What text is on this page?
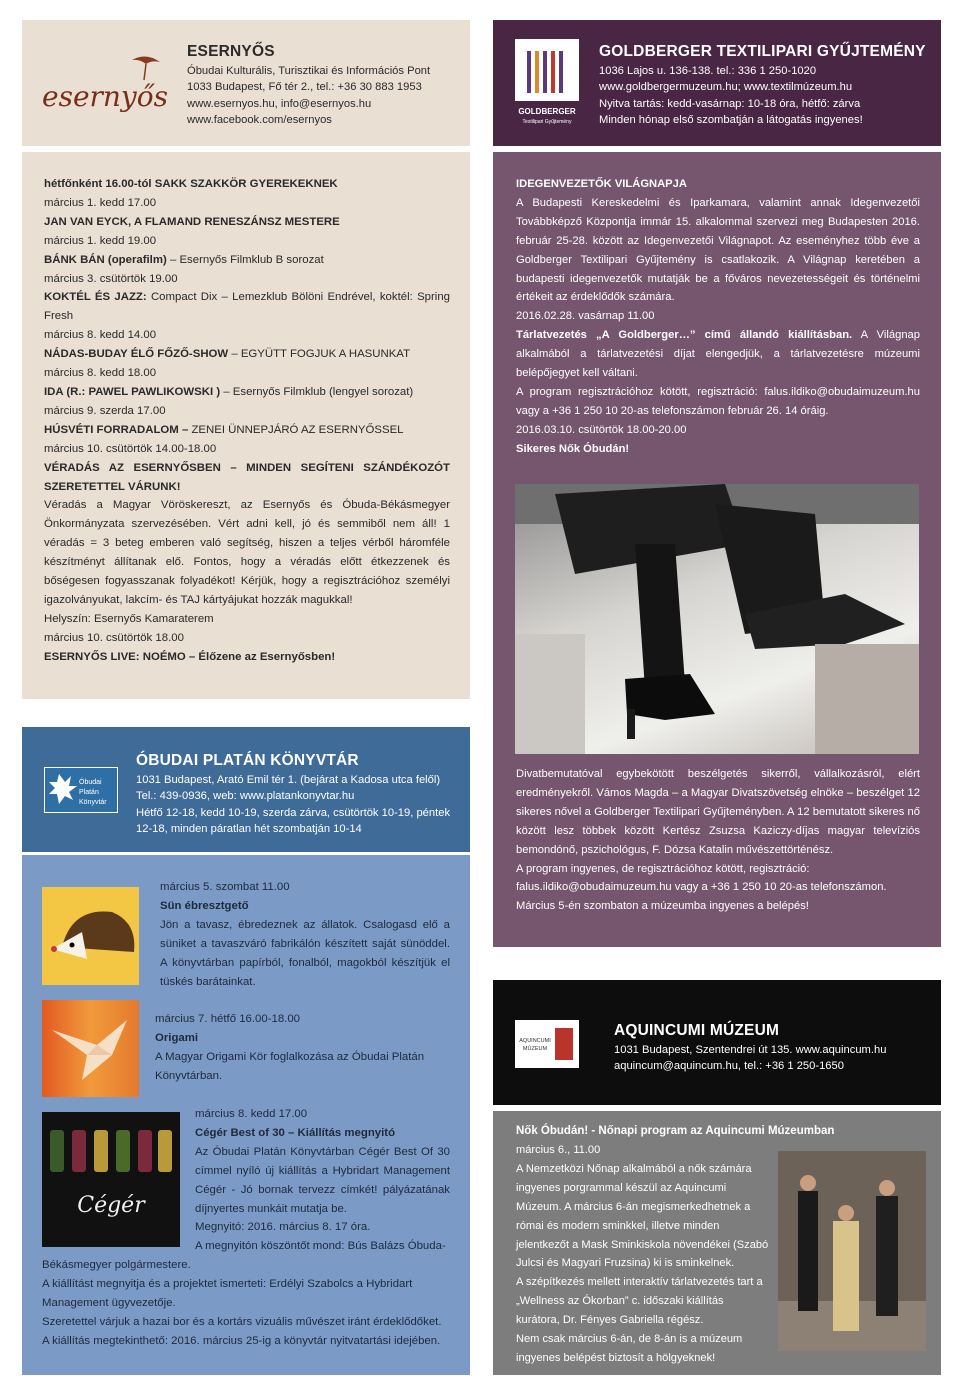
esernyős
ESERNYŐS
Óbudai Kulturális, Turisztikai és Információs Pont
1033 Budapest, Fő tér 2., tel.: +36 30 883 1953
www.esernyos.hu, info@esernyos.hu
www.facebook.com/esernyos
GOLDBERGER
Textilipari Gyűjtemény
GOLDBERGER TEXTILIPARI GYŰJTEMÉNY
1036 Lajos u. 136-138. tel.: 336 1 250-1020
www.goldbergermuzeum.hu; www.textilmúzeum.hu
Nyitva tartás: kedd-vasárnap: 10-18 óra, hétfő: zárva
Minden hónap első szombatján a látogatás ingyenes!

hétfőnként 16.00-tól SAKK SZAKKÖR GYEREKEKNEK

március 1. kedd 17.00

JAN VAN EYCK, A FLAMAND RENESZÁNSZ MESTERE

március 1. kedd 19.00

BÁNK BÁN (operafilm) – Esernyős Filmklub B sorozat

március 3. csütörtök 19.00

KOKTÉL ÉS JAZZ: Compact Dix – Lemezklub Bölöni Endrével, koktél: Spring Fresh

március 8. kedd 14.00

NÁDAS-BUDAY ÉLŐ FŐZŐ-SHOW – EGYÜTT FOGJUK A HASUNKAT

március 8. kedd 18.00

IDA (R.: PAWEL PAWLIKOWSKI ) – Esernyős Filmklub (lengyel sorozat)

március 9. szerda 17.00

HÚSVÉTI FORRADALOM – ZENEI ÜNNEPJÁRÓ AZ ESERNYŐSSEL

március 10. csütörtök 14.00-18.00

VÉRADÁS AZ ESERNYŐSBEN – MINDEN SEGÍTENI SZÁNDÉKOZÓT SZERETETTEL VÁRUNK!

Véradás a Magyar Vöröskereszt, az Esernyős és Óbuda-Békásmegyer Önkormányzata szervezésében. Vért adni kell, jó és semmiből nem áll! 1 véradás = 3 beteg emberen való segítség, hiszen a teljes vérből háromféle készítményt állítanak elő. Fontos, hogy a véradás előtt étkezzenek és bőségesen fogyasszanak folyadékot! Kérjük, hogy a regisztrációhoz személyi igazolványukat, lakcím- és TAJ kártyájukat hozzák magukkal!

Helyszín: Esernyős Kamaraterem

március 10. csütörtök 18.00

ESERNYŐS LIVE: NOÉMO – Élőzene az Esernyősben!

IDEGENVEZETŐK VILÁGNAPJA

A Budapesti Kereskedelmi és Iparkamara, valamint annak Idegenvezetői Továbbképző Központja immár 15. alkalommal szervezi meg Budapesten 2016. február 25-28. között az Idegenvezetői Világnapot. Az eseményhez több éve a Goldberger Textilipari Gyűjtemény is csatlakozik. A Világnap keretében a budapesti idegenvezetők mutatják be a főváros nevezetességeit és történelmi értékeit az érdeklődők számára.

2016.02.28. vasárnap 11.00

Tárlatvezetés „A Goldberger…” című állandó kiállításban. A Világnap alkalmából a tárlatvezetési díjat elengedjük, a tárlatvezetésre múzeumi belépőjegyet kell váltani.

A program regisztrációhoz kötött, regisztráció: falus.ildiko@obudaimuzeum.hu vagy a +36 1 250 10 20-as telefonszámon február 26. 14 óráig.

2016.03.10. csütörtök 18.00-20.00

Sikeres Nők Óbudán!

Divatbemutatóval egybekötött beszélgetés sikerről, vállalkozásról, elért eredményekről. Vámos Magda – a Magyar Divatszövetség elnöke – beszélget 12 sikeres nővel a Goldberger Textilipari Gyűjteményben. A 12 bemutatott sikeres nő között lesz többek között Kertész Zsuzsa Kaziczy-díjas magyar televíziós bemondónő, pszichológus, F. Dózsa Katalin művészettörténész.

A program ingyenes, de regisztrációhoz kötött, regisztráció: falus.ildiko@obudaimuzeum.hu vagy a +36 1 250 10 20-as telefonszámon.

Március 5-én szombaton a múzeumba ingyenes a belépés!

Óbudai
Platán
Könyvtár
ÓBUDAI PLATÁN KÖNYVTÁR
1031 Budapest, Arató Emil tér 1. (bejárat a Kadosa utca felől)
Tel.: 439-0936, web: www.platankonyvtar.hu
Hétfő 12-18, kedd 10-19, szerda zárva, csütörtök 10-19, péntek 12-18, minden páratlan hét szombatján 10-14

március 5. szombat 11.00

Sün ébresztgető

Jön a tavasz, ébredeznek az állatok. Csalogasd elő a süniket a tavaszváró fabrikálón készített saját sünöddel. A könyvtárban papírból, fonalból, magokból készítjük el tüskés barátainkat.

március 7. hétfő 16.00-18.00

Origami

A Magyar Origami Kör foglalkozása az Óbudai Platán Könyvtárban.

Cégér

március 8. kedd 17.00

Cégér Best of 30 – Kiállítás megnyitó

Az Óbudai Platán Könyvtárban Cégér Best Of 30 címmel nyíló új kiállítás a Hybridart Management Cégér - Jó bornak tervezz címkét! pályázatának díjnyertes munkáit mutatja be.

Megnyitó: 2016. március 8. 17 óra.

A megnyitón köszöntőt mond: Bús Balázs Óbuda-Békásmegyer polgármestere.

A kiállítást megnyitja és a projektet ismerteti: Erdélyi Szabolcs a Hybridart Management ügyvezetője.

Szeretettel várjuk a hazai bor és a kortárs vizuális művészet iránt érdeklődőket.

A kiállítás megtekinthető: 2016. március 25-ig a könyvtár nyitvatartási idejében.

AQUINCUMI
MÚZEUM
AQUINCUMI MÚZEUM
1031 Budapest, Szentendrei út 135. www.aquincum.hu
aquincum@aquincum.hu, tel.: +36 1 250-1650

Nők Óbudán! - Nőnapi program az Aquincumi Múzeumban

március 6., 11.00

A Nemzetközi Nőnap alkalmából a nők számára ingyenes porgrammal készül az Aquincumi Múzeum. A március 6-án megismerkedhetnek a római és modern sminkkel, illetve minden jelentkezőt a Mask Sminkiskola növendékei (Szabó Julcsi és Magyari Fruzsina) ki is sminkelnek.

A szépítkezés mellett interaktív tárlatvezetés tart a „Wellness az Ókorban” c. időszaki kiállítás kurátora, Dr. Fényes Gabriella régész.

Nem csak március 6-án, de 8-án is a múzeum ingyenes belépést biztosít a hölgyeknek!
